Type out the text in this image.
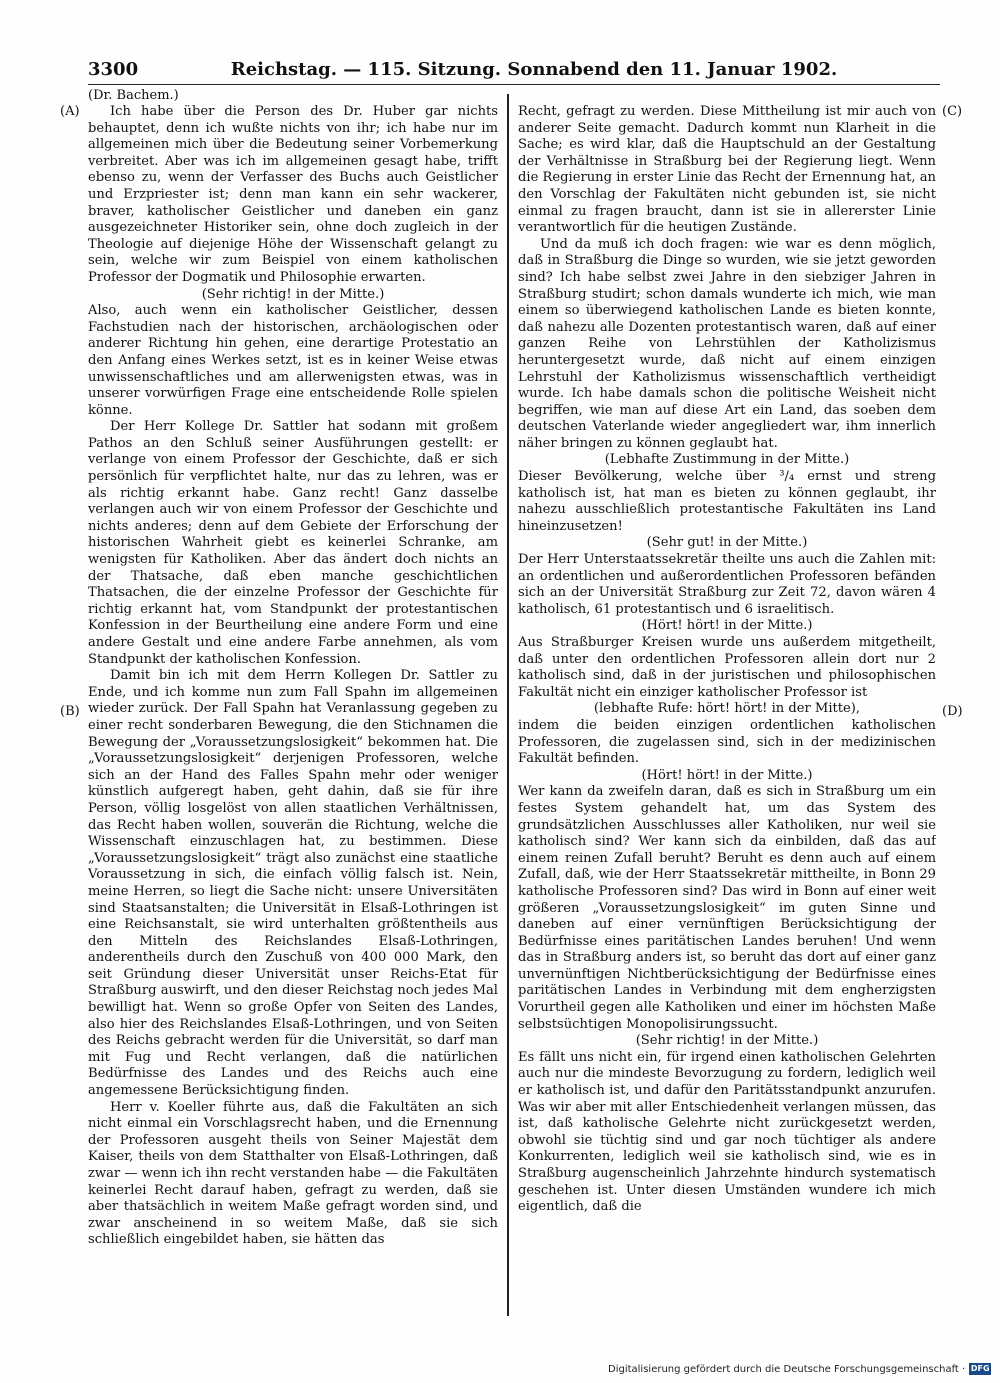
3300	Reichstag. — 115. Sitzung. Sonnabend den 11. Januar 1902.
(Dr. Bachem.)
(A)
(B)
(C)
(D)

Ich habe über die Person des Dr. Huber gar nichts behauptet, denn ich wußte nichts von ihr; ich habe nur im allgemeinen mich über die Bedeutung seiner Vorbemerkung verbreitet. Aber was ich im allgemeinen gesagt habe, trifft ebenso zu, wenn der Verfasser des Buchs auch Geistlicher und Erzpriester ist; denn man kann ein sehr wackerer, braver, katholischer Geistlicher und daneben ein ganz ausgezeichneter Historiker sein, ohne doch zugleich in der Theologie auf diejenige Höhe der Wissenschaft gelangt zu sein, welche wir zum Beispiel von einem katholischen Professor der Dogmatik und Philosophie erwarten.

(Sehr richtig! in der Mitte.)

Also, auch wenn ein katholischer Geistlicher, dessen Fachstudien nach der historischen, archäologischen oder anderer Richtung hin gehen, eine derartige Protestatio an den Anfang eines Werkes setzt, ist es in keiner Weise etwas unwissenschaftliches und am allerwenigsten etwas, was in unserer vorwürfigen Frage eine entscheidende Rolle spielen könne.

Der Herr Kollege Dr. Sattler hat sodann mit großem Pathos an den Schluß seiner Ausführungen gestellt: er verlange von einem Professor der Geschichte, daß er sich persönlich für verpflichtet halte, nur das zu lehren, was er als richtig erkannt habe. Ganz recht! Ganz dasselbe verlangen auch wir von einem Professor der Geschichte und nichts anderes; denn auf dem Gebiete der Erforschung der historischen Wahrheit giebt es keinerlei Schranke, am wenigsten für Katholiken. Aber das ändert doch nichts an der Thatsache, daß eben manche geschichtlichen Thatsachen, die der einzelne Professor der Geschichte für richtig erkannt hat, vom Standpunkt der protestantischen Konfession in der Beurtheilung eine andere Form und eine andere Gestalt und eine andere Farbe annehmen, als vom Standpunkt der katholischen Konfession.

Damit bin ich mit dem Herrn Kollegen Dr. Sattler zu Ende, und ich komme nun zum Fall Spahn im allgemeinen wieder zurück. Der Fall Spahn hat Veranlassung gegeben zu einer recht sonderbaren Bewegung, die den Stichnamen die Bewegung der „Voraussetzungslosigkeit“ bekommen hat. Die „Voraussetzungslosigkeit“ derjenigen Professoren, welche sich an der Hand des Falles Spahn mehr oder weniger künstlich aufgeregt haben, geht dahin, daß sie für ihre Person, völlig losgelöst von allen staatlichen Verhältnissen, das Recht haben wollen, souverän die Richtung, welche die Wissenschaft einzuschlagen hat, zu bestimmen. Diese „Voraussetzungslosigkeit“ trägt also zunächst eine staatliche Voraussetzung in sich, die einfach völlig falsch ist. Nein, meine Herren, so liegt die Sache nicht: unsere Universitäten sind Staatsanstalten; die Universität in Elsaß-Lothringen ist eine Reichsanstalt, sie wird unterhalten größtentheils aus den Mitteln des Reichslandes Elsaß-Lothringen, anderentheils durch den Zuschuß von 400 000 Mark, den seit Gründung dieser Universität unser Reichs-Etat für Straßburg auswirft, und den dieser Reichstag noch jedes Mal bewilligt hat. Wenn so große Opfer von Seiten des Landes, also hier des Reichslandes Elsaß-Lothringen, und von Seiten des Reichs gebracht werden für die Universität, so darf man mit Fug und Recht verlangen, daß die natürlichen Bedürfnisse des Landes und des Reichs auch eine angemessene Berücksichtigung finden.

Herr v. Koeller führte aus, daß die Fakultäten an sich nicht einmal ein Vorschlagsrecht haben, und die Ernennung der Professoren ausgeht theils von Seiner Majestät dem Kaiser, theils von dem Statthalter von Elsaß-Lothringen, daß zwar — wenn ich ihn recht verstanden habe — die Fakultäten keinerlei Recht darauf haben, gefragt zu werden, daß sie aber thatsächlich in weitem Maße gefragt worden sind, und zwar anscheinend in so weitem Maße, daß sie sich schließlich eingebildet haben, sie hätten das

Recht, gefragt zu werden. Diese Mittheilung ist mir auch von anderer Seite gemacht. Dadurch kommt nun Klarheit in die Sache; es wird klar, daß die Hauptschuld an der Gestaltung der Verhältnisse in Straßburg bei der Regierung liegt. Wenn die Regierung in erster Linie das Recht der Ernennung hat, an den Vorschlag der Fakultäten nicht gebunden ist, sie nicht einmal zu fragen braucht, dann ist sie in allererster Linie verantwortlich für die heutigen Zustände.

Und da muß ich doch fragen: wie war es denn möglich, daß in Straßburg die Dinge so wurden, wie sie jetzt geworden sind? Ich habe selbst zwei Jahre in den siebziger Jahren in Straßburg studirt; schon damals wunderte ich mich, wie man einem so überwiegend katholischen Lande es bieten konnte, daß nahezu alle Dozenten protestantisch waren, daß auf einer ganzen Reihe von Lehrstühlen der Katholizismus heruntergesetzt wurde, daß nicht auf einem einzigen Lehrstuhl der Katholizismus wissenschaftlich vertheidigt wurde. Ich habe damals schon die politische Weisheit nicht begriffen, wie man auf diese Art ein Land, das soeben dem deutschen Vaterlande wieder angegliedert war, ihm innerlich näher bringen zu können geglaubt hat.

(Lebhafte Zustimmung in der Mitte.)

Dieser Bevölkerung, welche über ³/₄ ernst und streng katholisch ist, hat man es bieten zu können geglaubt, ihr nahezu ausschließlich protestantische Fakultäten ins Land hineinzusetzen!

(Sehr gut! in der Mitte.)

Der Herr Unterstaatssekretär theilte uns auch die Zahlen mit: an ordentlichen und außerordentlichen Professoren befänden sich an der Universität Straßburg zur Zeit 72, davon wären 4 katholisch, 61 protestantisch und 6 israelitisch.

(Hört! hört! in der Mitte.)

Aus Straßburger Kreisen wurde uns außerdem mitgetheilt, daß unter den ordentlichen Professoren allein dort nur 2 katholisch sind, daß in der juristischen und philosophischen Fakultät nicht ein einziger katholischer Professor ist

(lebhafte Rufe: hört! hört! in der Mitte),

indem die beiden einzigen ordentlichen katholischen Professoren, die zugelassen sind, sich in der medizinischen Fakultät befinden.

(Hört! hört! in der Mitte.)

Wer kann da zweifeln daran, daß es sich in Straßburg um ein festes System gehandelt hat, um das System des grundsätzlichen Ausschlusses aller Katholiken, nur weil sie katholisch sind? Wer kann sich da einbilden, daß das auf einem reinen Zufall beruht? Beruht es denn auch auf einem Zufall, daß, wie der Herr Staatssekretär mittheilte, in Bonn 29 katholische Professoren sind? Das wird in Bonn auf einer weit größeren „Voraussetzungslosigkeit“ im guten Sinne und daneben auf einer vernünftigen Berücksichtigung der Bedürfnisse eines paritätischen Landes beruhen! Und wenn das in Straßburg anders ist, so beruht das dort auf einer ganz unvernünftigen Nichtberücksichtigung der Bedürfnisse eines paritätischen Landes in Verbindung mit dem engherzigsten Vorurtheil gegen alle Katholiken und einer im höchsten Maße selbstsüchtigen Monopolisirungssucht.

(Sehr richtig! in der Mitte.)

Es fällt uns nicht ein, für irgend einen katholischen Gelehrten auch nur die mindeste Bevorzugung zu fordern, lediglich weil er katholisch ist, und dafür den Paritätsstandpunkt anzurufen. Was wir aber mit aller Entschiedenheit verlangen müssen, das ist, daß katholische Gelehrte nicht zurückgesetzt werden, obwohl sie tüchtig sind und gar noch tüchtiger als andere Konkurrenten, lediglich weil sie katholisch sind, wie es in Straßburg augenscheinlich Jahrzehnte hindurch systematisch geschehen ist. Unter diesen Umständen wundere ich mich eigentlich, daß die

Digitalisierung gefördert durch die Deutsche Forschungsgemeinschaft · DFG
